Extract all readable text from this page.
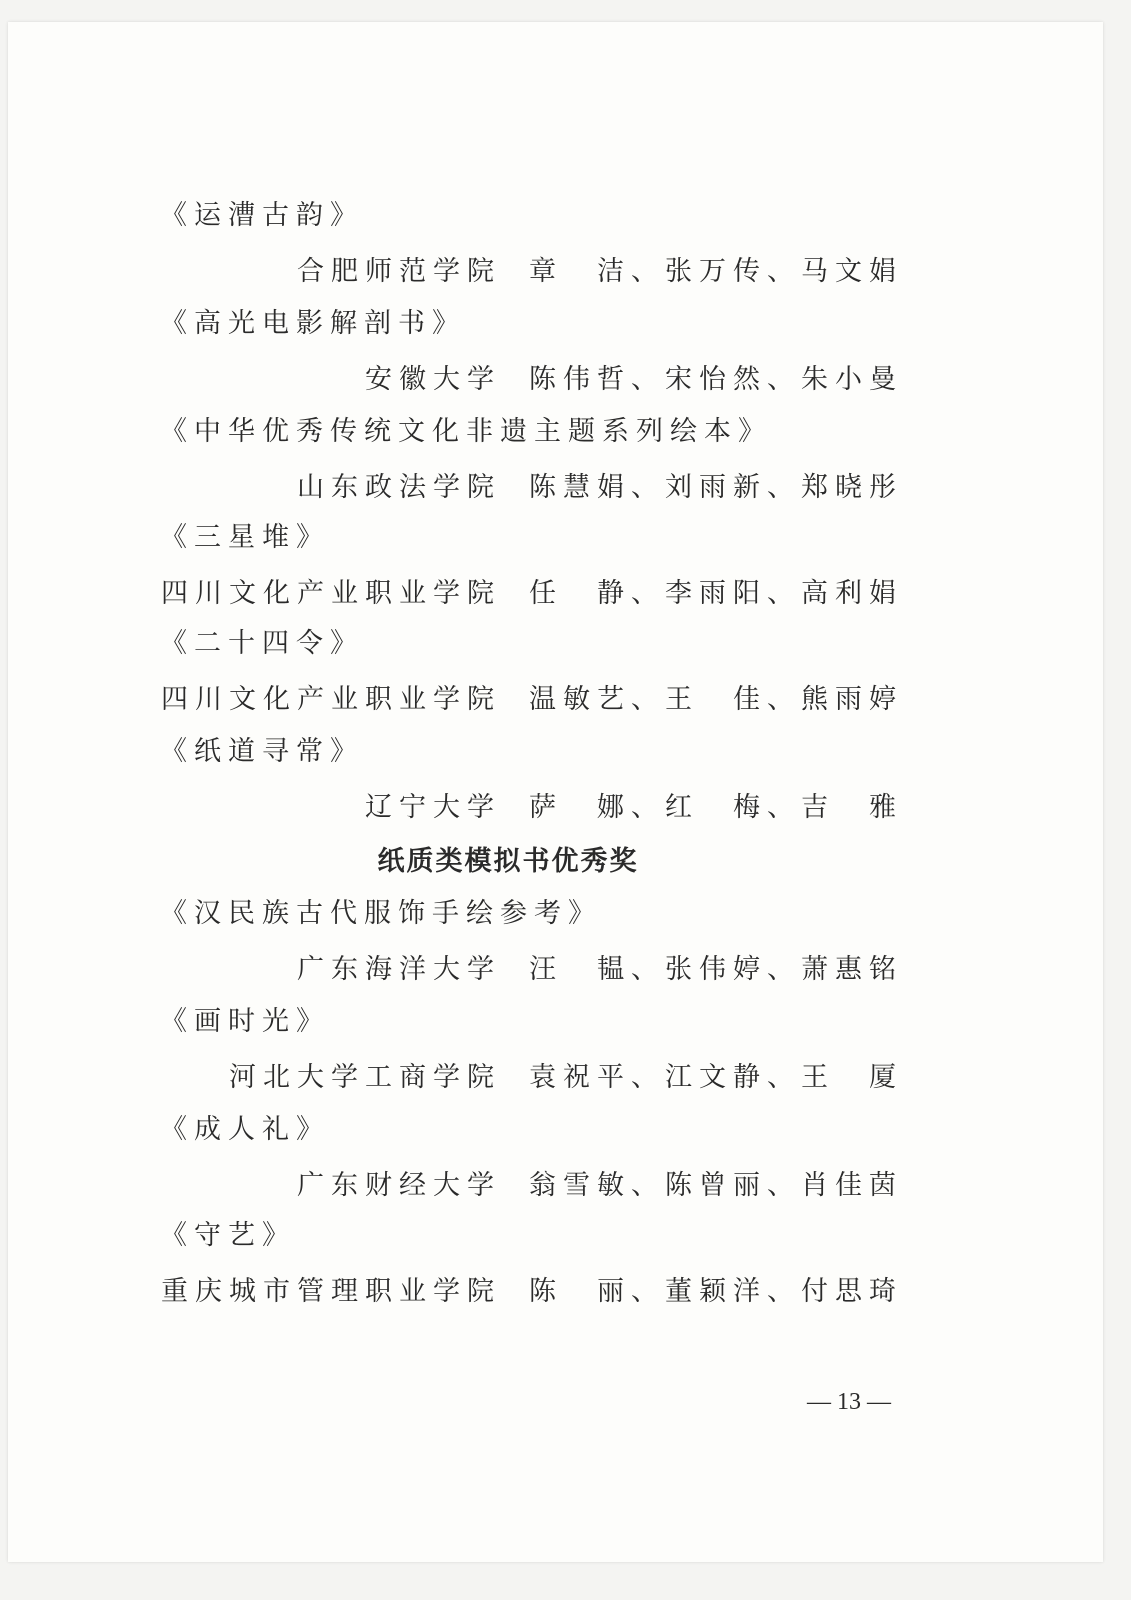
《运漕古韵》
合肥师范学院 章　洁、张万传、马文娟
《高光电影解剖书》
安徽大学 陈伟哲、宋怡然、朱小曼
《中华优秀传统文化非遗主题系列绘本》
山东政法学院 陈慧娟、刘雨新、郑晓彤
《三星堆》
四川文化产业职业学院 任　静、李雨阳、高利娟
《二十四令》
四川文化产业职业学院 温敏艺、王　佳、熊雨婷
《纸道寻常》
辽宁大学 萨　娜、红　梅、吉　雅
纸质类模拟书优秀奖
《汉民族古代服饰手绘参考》
广东海洋大学 汪　韫、张伟婷、萧惠铭
《画时光》
河北大学工商学院 袁祝平、江文静、王　厦
《成人礼》
广东财经大学 翁雪敏、陈曾丽、肖佳茵
《守艺》
重庆城市管理职业学院 陈　丽、董颖洋、付思琦
— 13 —
